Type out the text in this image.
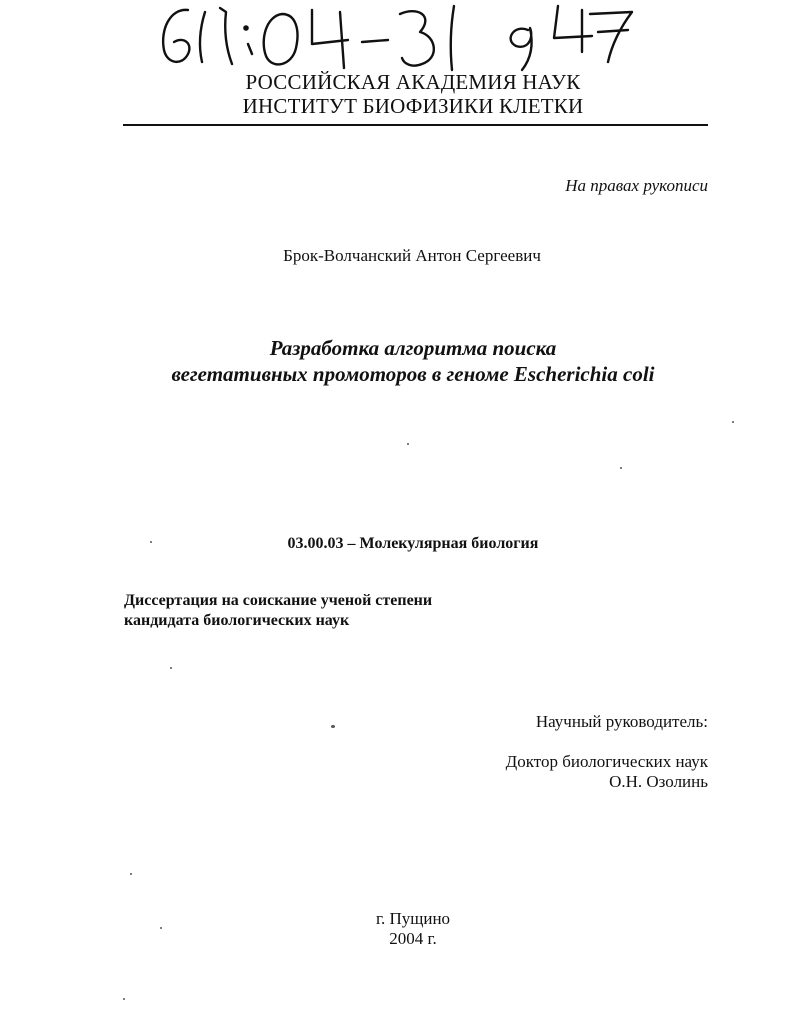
РОССИЙСКАЯ АКАДЕМИЯ НАУК
ИНСТИТУТ БИОФИЗИКИ КЛЕТКИ
На правах рукописи
Брок-Волчанский Антон Сергеевич
Разработка алгоритма поиска
вегетативных промоторов в геноме Escherichia coli
03.00.03 – Молекулярная биология
Диссертация на соискание ученой степени
кандидата биологических наук
Научный руководитель:
Доктор биологических наук
О.Н. Озолинь
г. Пущино
2004 г.
